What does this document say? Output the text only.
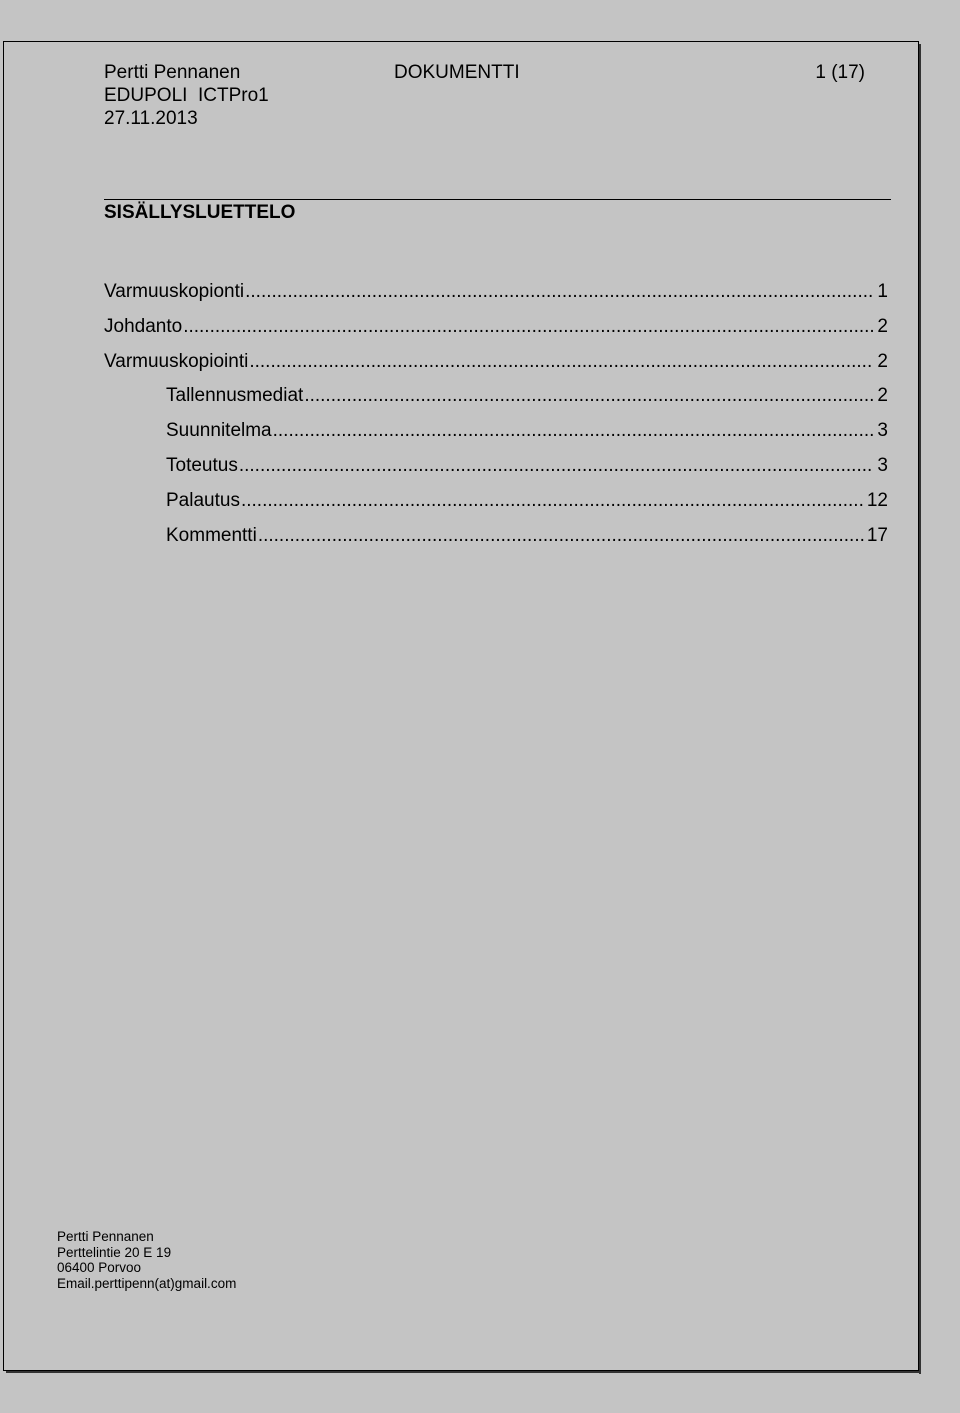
Pertti Pennanen
EDUPOLI  ICTPro1
27.11.2013
DOKUMENTTI	1 (17)
SISÄLLYSLUETTELO
Varmuuskopionti .....	1
Johdanto .....	2
Varmuuskopiointi .....	2
Tallennusmediat .....	2
Suunnitelma .....	3
Toteutus .....	3
Palautus .....	12
Kommentti .....	17
Pertti Pennanen
Perttelintie 20 E 19
06400 Porvoo
Email.perttipenn(at)gmail.com
